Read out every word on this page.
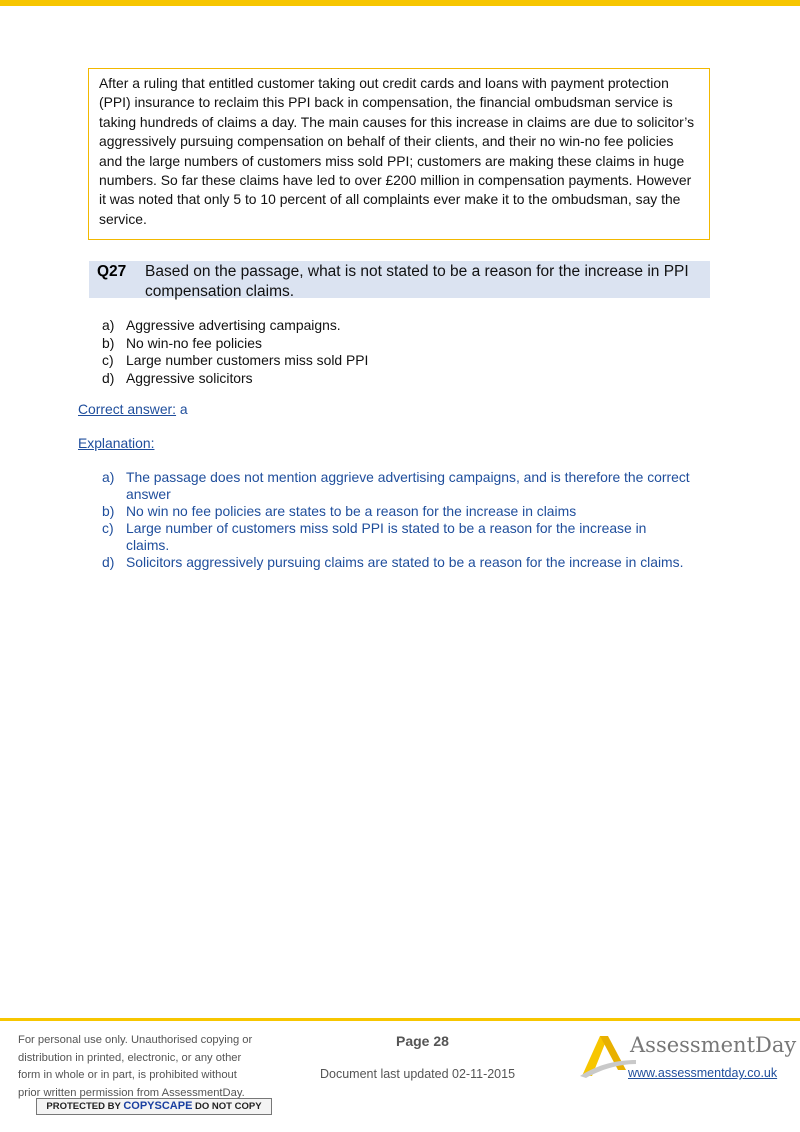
After a ruling that entitled customer taking out credit cards and loans with payment protection (PPI) insurance to reclaim this PPI back in compensation, the financial ombudsman service is taking hundreds of claims a day. The main causes for this increase in claims are due to solicitor’s aggressively pursuing compensation on behalf of their clients, and their no win-no fee policies and the large numbers of customers miss sold PPI; customers are making these claims in huge numbers. So far these claims have led to over £200 million in compensation payments. However it was noted that only 5 to 10 percent of all complaints ever make it to the ombudsman, say the service.
Q27 Based on the passage, what is not stated to be a reason for the increase in PPI compensation claims.
a) Aggressive advertising campaigns.
b) No win-no fee policies
c) Large number customers miss sold PPI
d) Aggressive solicitors
Correct answer: a
Explanation:
a) The passage does not mention aggrieve advertising campaigns, and is therefore the correct answer
b) No win no fee policies are states to be a reason for the increase in claims
c) Large number of customers miss sold PPI is stated to be a reason for the increase in claims.
d) Solicitors aggressively pursuing claims are stated to be a reason for the increase in claims.
For personal use only. Unauthorised copying or
distribution in printed, electronic, or any other
form in whole or in part, is prohibited without
prior written permission from AssessmentDay.
PROTECTED BY COPYSCAPE DO NOT COPY
Page 28
Document last updated 02-11-2015
AssessmentDay
www.assessmentday.co.uk
